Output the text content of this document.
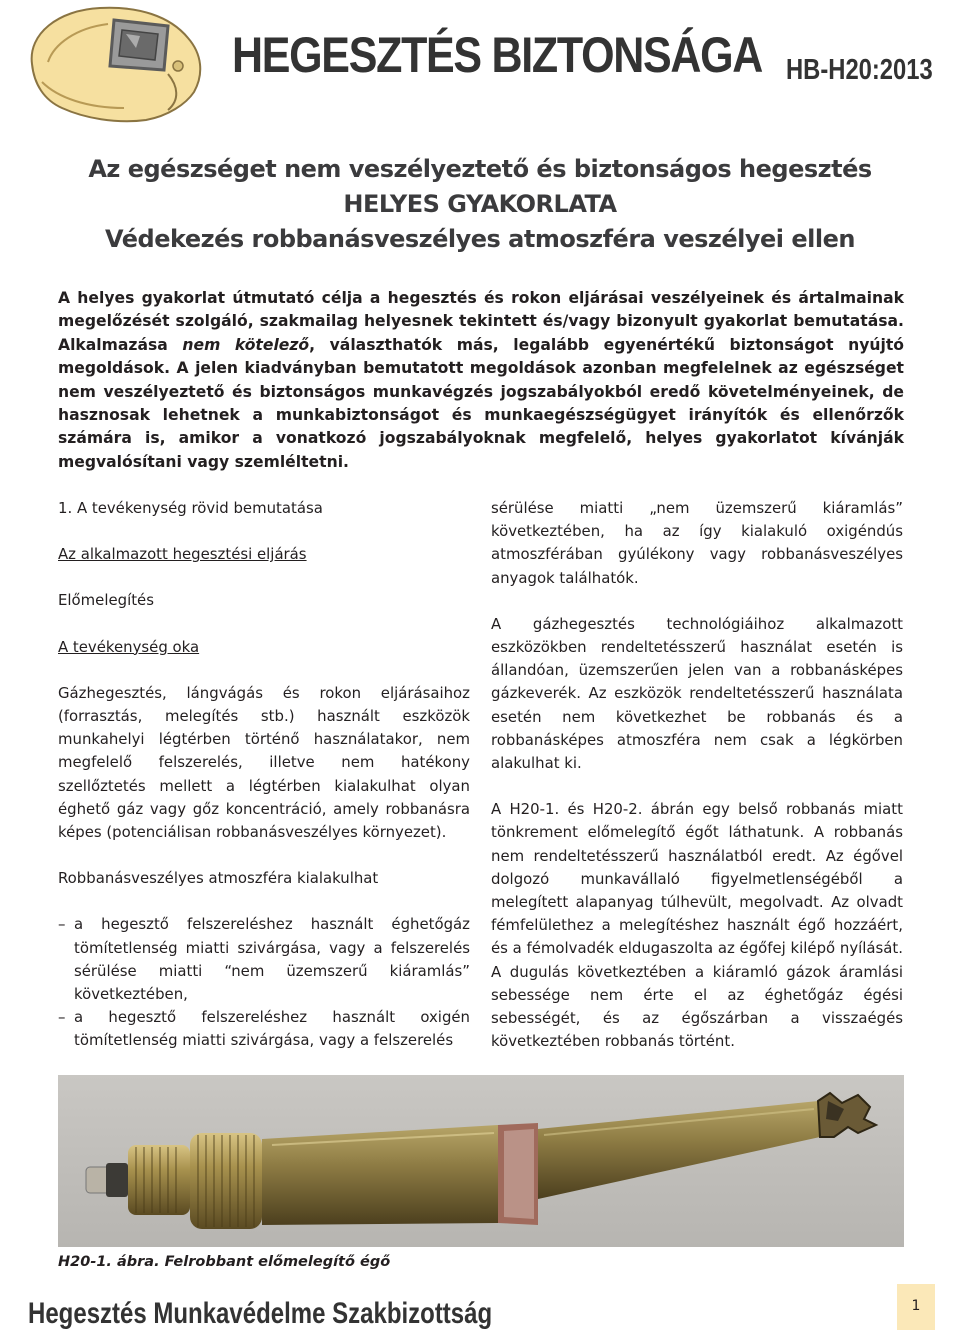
HEGESZTÉS BIZTONSÁGA HB-H20:2013
Az egészséget nem veszélyeztető és biztonságos hegesztés
HELYES GYAKORLATA
Védekezés robbanásveszélyes atmoszféra veszélyei ellen

A helyes gyakorlat útmutató célja a hegesztés és rokon eljárásai veszélyeinek és ártalmainak megelőzését szolgáló, szakmailag helyesnek tekintett és/vagy bizonyult gyakorlat bemutatása. Alkalmazása nem kötelező, választhatók más, legalább egyenértékű biztonságot nyújtó megoldások. A jelen kiadványban bemutatott megoldások azonban megfelelnek az egészséget nem veszélyeztető és biztonságos munkavégzés jogszabályokból eredő követelményeinek, de hasznosak lehetnek a munkabiztonságot és munkaegészségügyet irányítók és ellenőrzők számára is, amikor a vonatkozó jogszabályoknak megfelelő, helyes gyakorlatot kívánják megvalósítani vagy szemléltetni.

1. A tevékenység rövid bemutatása

Az alkalmazott hegesztési eljárás

Előmelegítés

A tevékenység oka

Gázhegesztés, lángvágás és rokon eljárásaihoz (forrasztás, melegítés stb.) használt eszközök munkahelyi légtérben történő használatakor, nem megfelelő felszerelés, illetve nem hatékony szellőztetés mellett a légtérben kialakulhat olyan éghető gáz vagy gőz koncentráció, amely robbanásra képes (potenciálisan robbanásveszélyes környezet).

Robbanásveszélyes atmoszféra kialakulhat

– a hegesztő felszereléshez használt éghetőgáz tömítetlenség miatti szivárgása, vagy a felszerelés sérülése miatti “nem üzemszerű kiáramlás” következtében,
– a hegesztő felszereléshez használt oxigén tömítetlenség miatti szivárgása, vagy a felszerelés

sérülése miatti „nem üzemszerű kiáramlás” következtében, ha az így kialakuló oxigéndús atmoszférában gyúlékony vagy robbanásveszélyes anyagok találhatók.

A gázhegesztés technológiáihoz alkalmazott eszközökben rendeltetésszerű használat esetén is állandóan, üzemszerűen jelen van a robbanásképes gázkeverék. Az eszközök rendeltetésszerű használata esetén nem következhet be robbanás és a robbanásképes atmoszféra nem csak a légkörben alakulhat ki.

A H20-1. és H20-2. ábrán egy belső robbanás miatt tönkrement előmelegítő égőt láthatunk. A robbanás nem rendeltetésszerű használatból eredt. Az égővel dolgozó munkavállaló figyelmetlenségéből a melegített alapanyag túlhevült, megolvadt. Az olvadt fémfelülethez a melegítéshez használt égő hozzáért, és a fémolvadék eldugaszolta az égőfej kilépő nyílását. A dugulás következtében a kiáramló gázok áramlási sebessége nem érte el az éghetőgáz égési sebességét, és az égőszárban a visszaégés következtében robbanás történt.

H20-1. ábra. Felrobbant előmelegítő égő
Hegesztés Munkavédelme Szakbizottság	1
